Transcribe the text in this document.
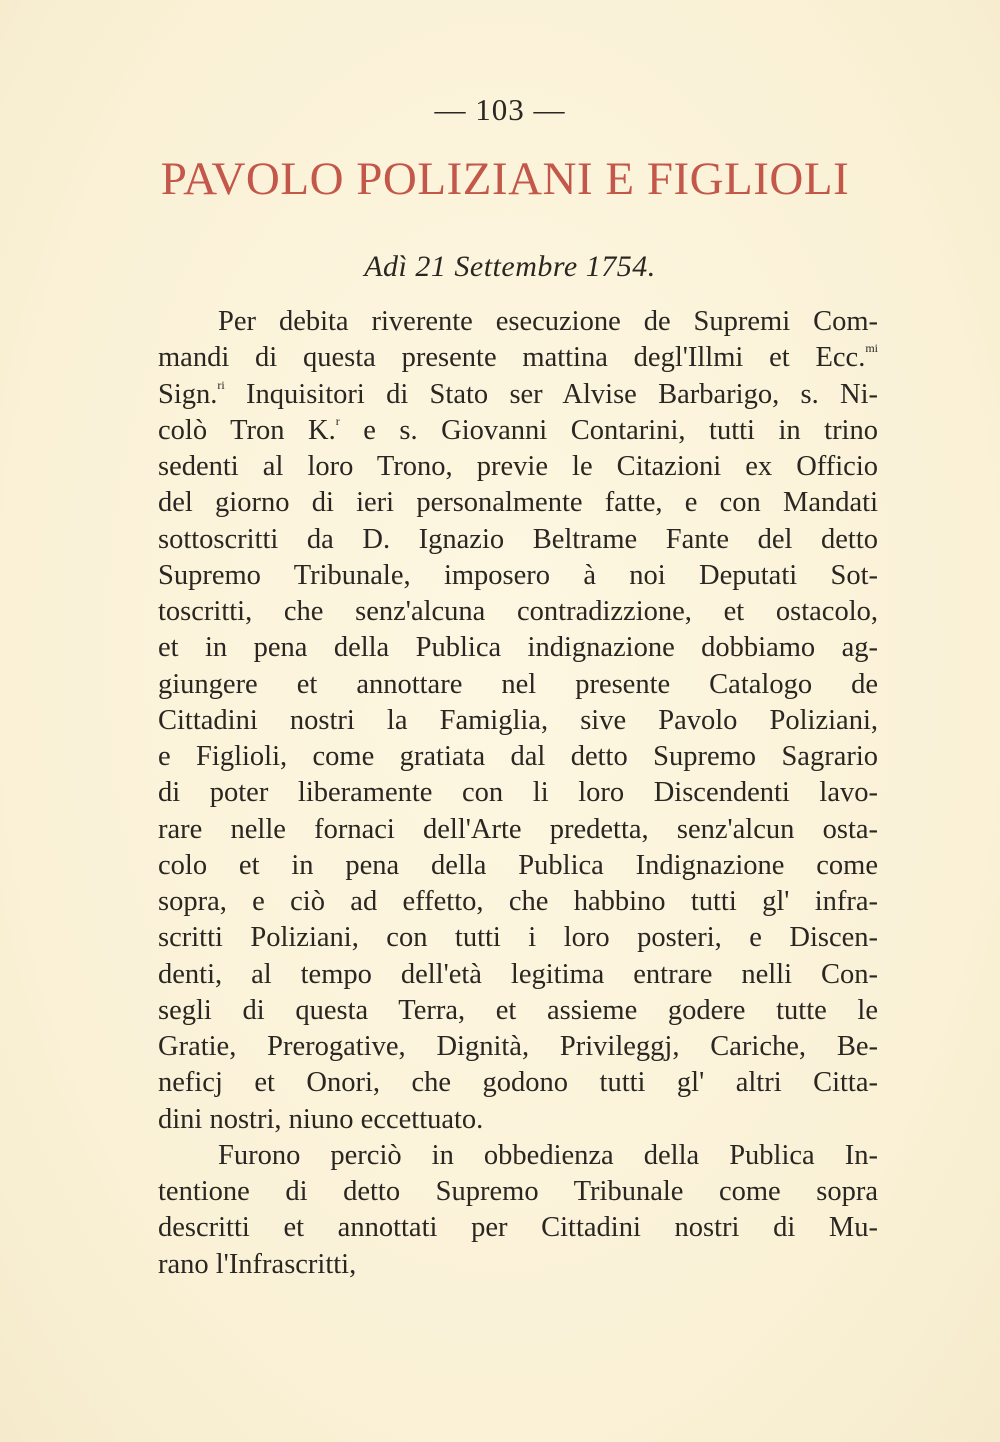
— 103 —
PAVOLO POLIZIANI E FIGLIOLI
Adì 21 Settembre 1754.
Per debita riverente esecuzione de Supremi Com-
mandi di questa presente mattina degl'Illmi et Ecc.$^{mi}$
Sign.$^{ri}$ Inquisitori di Stato ser Alvise Barbarigo, s. Ni-
colò Tron K.$^r$ e s. Giovanni Contarini, tutti in trino
sedenti al loro Trono, previe le Citazioni ex Officio
del giorno di ieri personalmente fatte, e con Mandati
sottoscritti da D. Ignazio Beltrame Fante del detto
Supremo Tribunale, imposero à noi Deputati Sot-
toscritti, che senz'alcuna contradizzione, et ostacolo,
et in pena della Publica indignazione dobbiamo ag-
giungere et annottare nel presente Catalogo de
Cittadini nostri la Famiglia, sive Pavolo Poliziani,
e Figlioli, come gratiata dal detto Supremo Sagrario
di poter liberamente con li loro Discendenti lavo-
rare nelle fornaci dell'Arte predetta, senz'alcun osta-
colo et in pena della Publica Indignazione come
sopra, e ciò ad effetto, che habbino tutti gl' infra-
scritti Poliziani, con tutti i loro posteri, e Discen-
denti, al tempo dell'età legitima entrare nelli Con-
segli di questa Terra, et assieme godere tutte le
Gratie, Prerogative, Dignità, Privileggj, Cariche, Be-
neficj et Onori, che godono tutti gl' altri Citta-
dini nostri, niuno eccettuato.
Furono perciò in obbedienza della Publica In-
tentione di detto Supremo Tribunale come sopra
descritti et annottati per Cittadini nostri di Mu-
rano l'Infrascritti,
